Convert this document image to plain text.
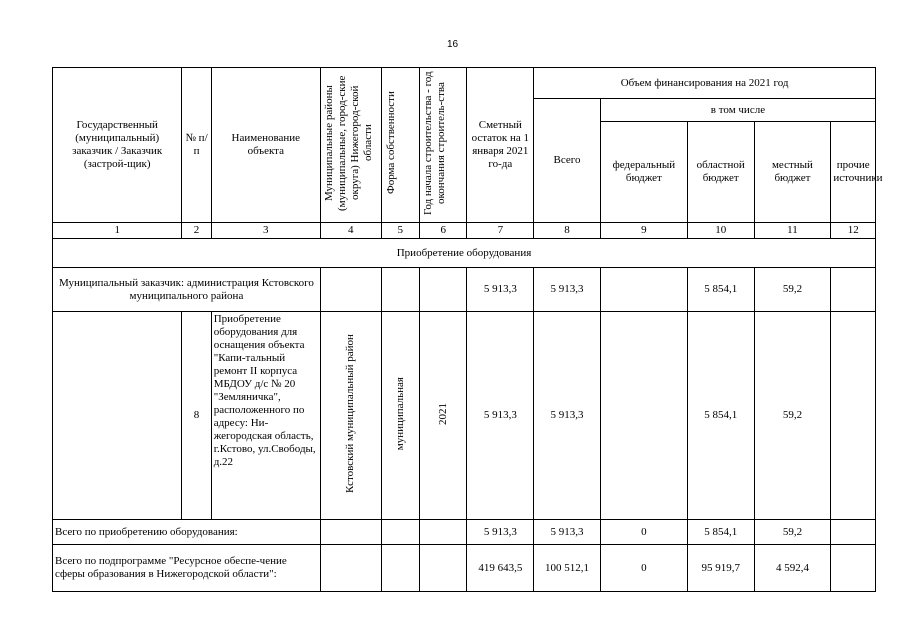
16
Государственный (муниципальный) заказчик / Заказчик (застрой-щик)	№ п/п	Наименование объекта	Муниципальные районы (муниципальные, город-ские округа) Нижегород-ской области	Форма собственности	Год начала строительства - год окончания строитель-ства	Сметный остаток на 1 января 2021 го-да	Объем финансирования на 2021 год				
							Всего	в том числе			
								федеральный бюджет	областной бюджет	местный бюджет	прочие источники
1	2	3	4	5	6	7	8	9	10	11	12
Приобретение оборудования											
Муниципальный заказчик: администрация Кстовского муниципального района						5 913,3	5 913,3		5 854,1	59,2	
	8	Приобретение оборудования для оснащения объекта "Капи-тальный ремонт II корпуса МБДОУ д/с № 20 "Земляничка", расположенного по адресу: Ни-жегородская область, г.Кстово, ул.Свободы, д.22	Кстовский муниципальный район	муниципальная	2021	5 913,3	5 913,3		5 854,1	59,2	
Всего по приобретению оборудования:						5 913,3	5 913,3	0	5 854,1	59,2	
Всего по подпрограмме "Ресурсное обеспе-чение сферы образования в Нижегородской области":						419 643,5	100 512,1	0	95 919,7	4 592,4	
